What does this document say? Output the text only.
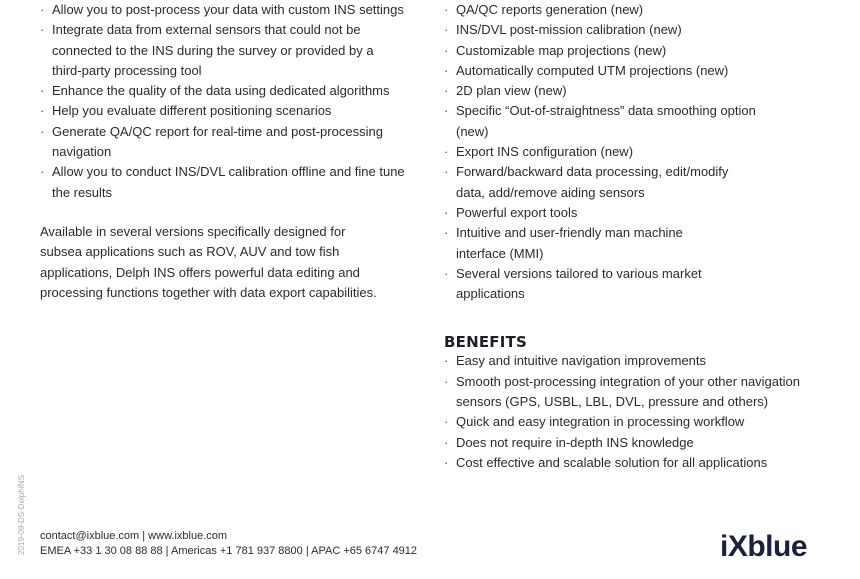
· Allow you to post-process your data with custom INS settings
· Integrate data from external sensors that could not be connected to the INS during the survey or provided by a third-party processing tool
· Enhance the quality of the data using dedicated algorithms
· Help you evaluate different positioning scenarios
· Generate QA/QC report for real-time and post-processing navigation
· Allow you to conduct INS/DVL calibration offline and fine tune the results

Available in several versions specifically designed for subsea applications such as ROV, AUV and tow fish applications, Delph INS offers powerful data editing and processing functions together with data export capabilities.

· QA/QC reports generation (new)
· INS/DVL post-mission calibration (new)
· Customizable map projections (new)
· Automatically computed UTM projections (new)
· 2D plan view (new)
· Specific “Out-of-straightness” data smoothing option (new)
· Export INS configuration (new)
· Forward/backward data processing, edit/modify data, add/remove aiding sensors
· Powerful export tools
· Intuitive and user-friendly man machine interface (MMI)
· Several versions tailored to various market applications
BENEFITS
· Easy and intuitive navigation improvements
· Smooth post-processing integration of your other navigation sensors (GPS, USBL, LBL, DVL, pressure and others)
· Quick and easy integration in processing workflow
· Does not require in-depth INS knowledge
· Cost effective and scalable solution for all applications
2019-09-DS-DelphINS contact@ixblue.com | www.ixblue.com
EMEA +33 1 30 08 88 88 | Americas +1 781 937 8800 | APAC +65 6747 4912	iXblue
